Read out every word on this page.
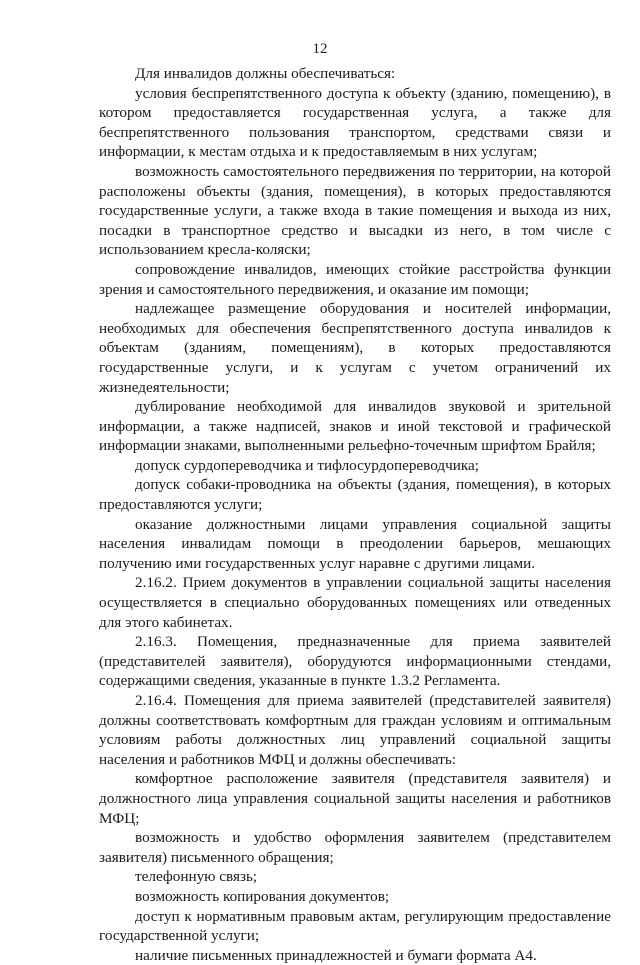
12

Для инвалидов должны обеспечиваться:

условия беспрепятственного доступа к объекту (зданию, помещению), в котором предоставляется государственная услуга, а также для беспрепятственного пользования транспортом, средствами связи и информации, к местам отдыха и к предоставляемым в них услугам;

возможность самостоятельного передвижения по территории, на которой расположены объекты (здания, помещения), в которых предоставляются государственные услуги, а также входа в такие помещения и выхода из них, посадки в транспортное средство и высадки из него, в том числе с использованием кресла-коляски;

сопровождение инвалидов, имеющих стойкие расстройства функции зрения и самостоятельного передвижения, и оказание им помощи;

надлежащее размещение оборудования и носителей информации, необходимых для обеспечения беспрепятственного доступа инвалидов к объектам (зданиям, помещениям), в которых предоставляются государственные услуги, и к услугам с учетом ограничений их жизнедеятельности;

дублирование необходимой для инвалидов звуковой и зрительной информации, а также надписей, знаков и иной текстовой и графической информации знаками, выполненными рельефно-точечным шрифтом Брайля;

допуск сурдопереводчика и тифлосурдопереводчика;

допуск собаки-проводника на объекты (здания, помещения), в которых предоставляются услуги;

оказание должностными лицами управления социальной защиты населения инвалидам помощи в преодолении барьеров, мешающих получению ими государственных услуг наравне с другими лицами.

2.16.2. Прием документов в управлении социальной защиты населения осуществляется в специально оборудованных помещениях или отведенных для этого кабинетах.

2.16.3. Помещения, предназначенные для приема заявителей (представителей заявителя), оборудуются информационными стендами, содержащими сведения, указанные в пункте 1.3.2 Регламента.

2.16.4. Помещения для приема заявителей (представителей заявителя) должны соответствовать комфортным для граждан условиям и оптимальным условиям работы должностных лиц управлений социальной защиты населения и работников МФЦ и должны обеспечивать:

комфортное расположение заявителя (представителя заявителя) и должностного лица управления социальной защиты населения и работников МФЦ;

возможность и удобство оформления заявителем (представителем заявителя) письменного обращения;

телефонную связь;

возможность копирования документов;

доступ к нормативным правовым актам, регулирующим предоставление государственной услуги;

наличие письменных принадлежностей и бумаги формата А4.
